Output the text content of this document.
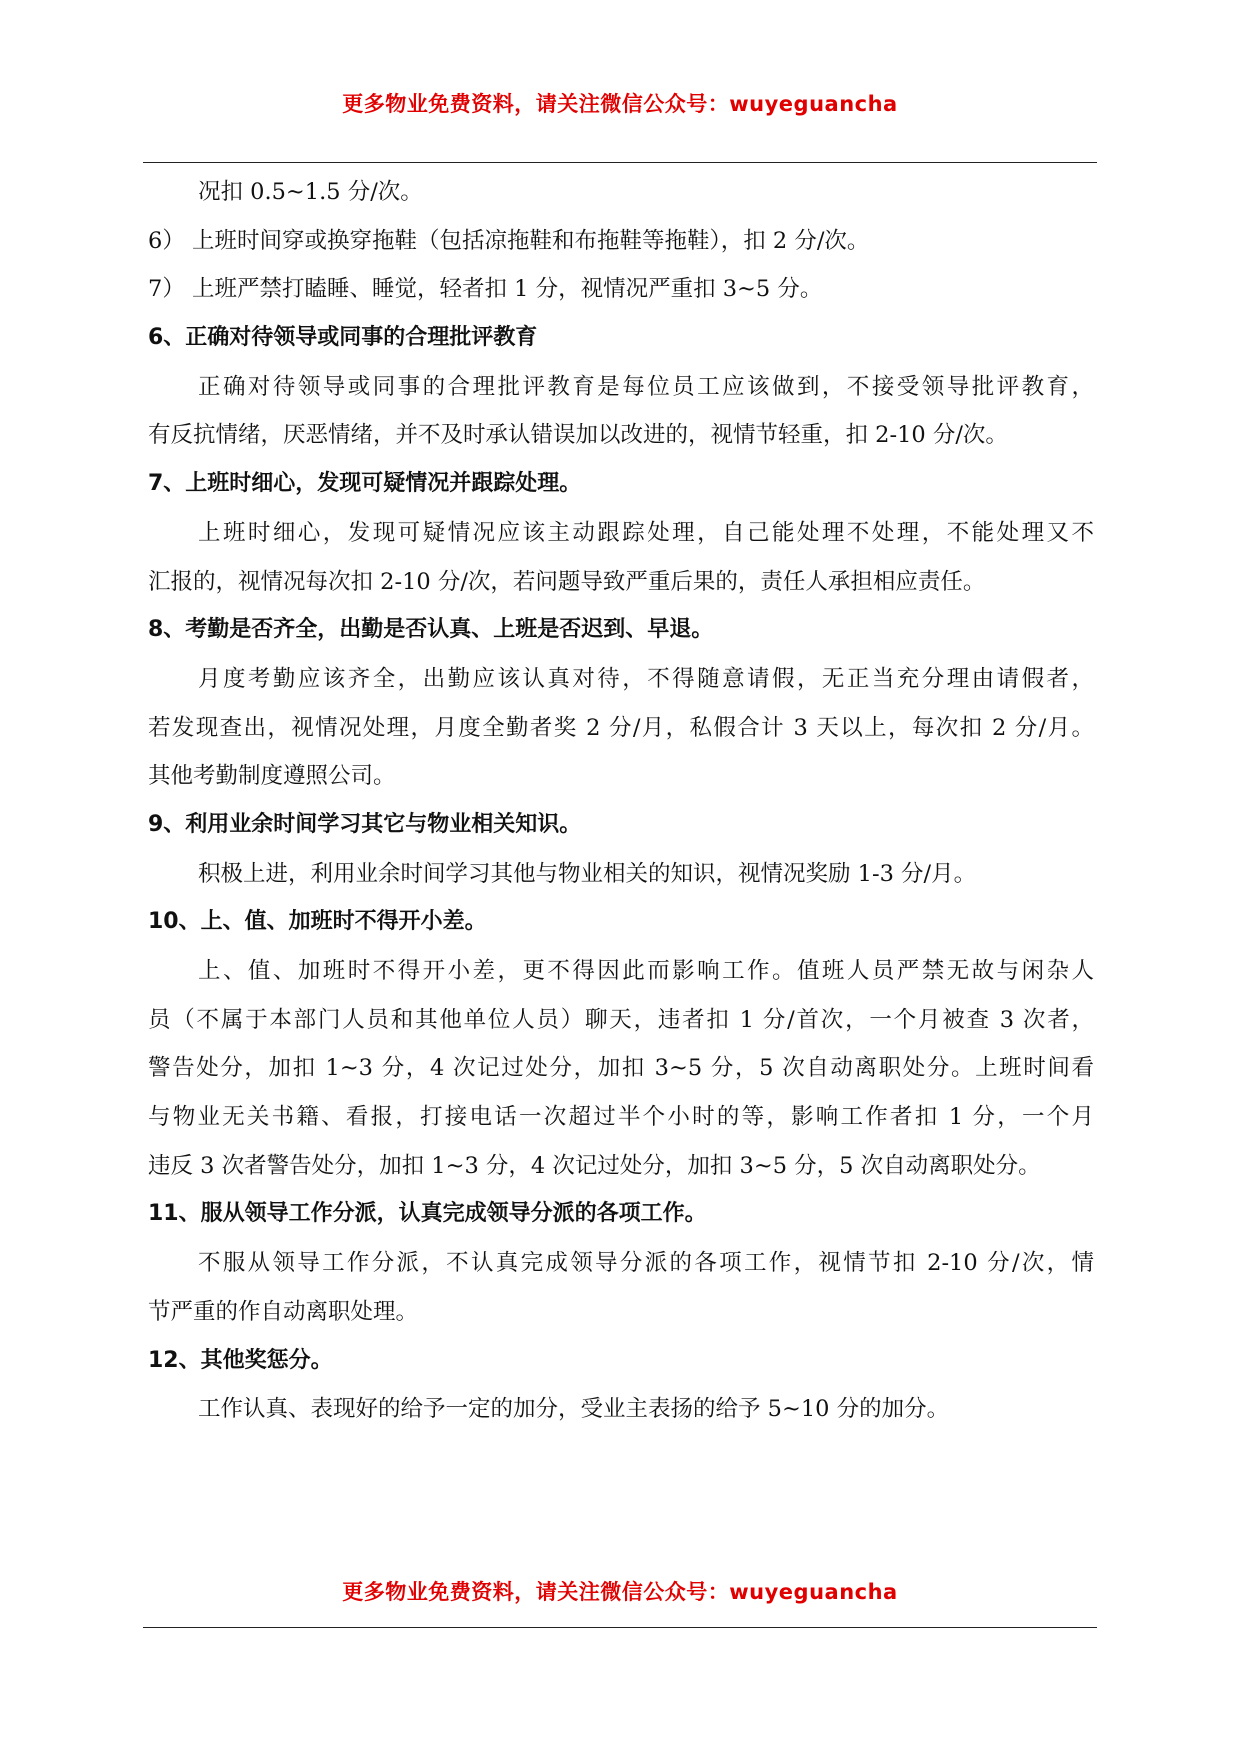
更多物业免费资料，请关注微信公众号：wuyeguancha
况扣 0.5~1.5 分/次。
6） 上班时间穿或换穿拖鞋（包括凉拖鞋和布拖鞋等拖鞋），扣 2 分/次。
7） 上班严禁打瞌睡、睡觉，轻者扣 1 分，视情况严重扣 3~5 分。
6、正确对待领导或同事的合理批评教育
正确对待领导或同事的合理批评教育是每位员工应该做到，不接受领导批评教育，
有反抗情绪，厌恶情绪，并不及时承认错误加以改进的，视情节轻重，扣 2-10 分/次。
7、上班时细心，发现可疑情况并跟踪处理。
上班时细心，发现可疑情况应该主动跟踪处理，自己能处理不处理，不能处理又不
汇报的，视情况每次扣 2-10 分/次，若问题导致严重后果的，责任人承担相应责任。
8、考勤是否齐全，出勤是否认真、上班是否迟到、早退。
月度考勤应该齐全，出勤应该认真对待，不得随意请假，无正当充分理由请假者，
若发现查出，视情况处理，月度全勤者奖 2 分/月，私假合计 3 天以上，每次扣 2 分/月。
其他考勤制度遵照公司。
9、利用业余时间学习其它与物业相关知识。
积极上进，利用业余时间学习其他与物业相关的知识，视情况奖励 1-3 分/月。
10、上、值、加班时不得开小差。
上、值、加班时不得开小差，更不得因此而影响工作。值班人员严禁无故与闲杂人
员（不属于本部门人员和其他单位人员）聊天，违者扣 1 分/首次，一个月被查 3 次者，
警告处分，加扣 1~3 分，4 次记过处分，加扣 3~5 分，5 次自动离职处分。上班时间看
与物业无关书籍、看报，打接电话一次超过半个小时的等，影响工作者扣 1 分，一个月
违反 3 次者警告处分，加扣 1~3 分，4 次记过处分，加扣 3~5 分，5 次自动离职处分。
11、服从领导工作分派，认真完成领导分派的各项工作。
不服从领导工作分派，不认真完成领导分派的各项工作，视情节扣 2-10 分/次，情
节严重的作自动离职处理。
12、其他奖惩分。
工作认真、表现好的给予一定的加分，受业主表扬的给予 5~10 分的加分。
更多物业免费资料，请关注微信公众号：wuyeguancha
